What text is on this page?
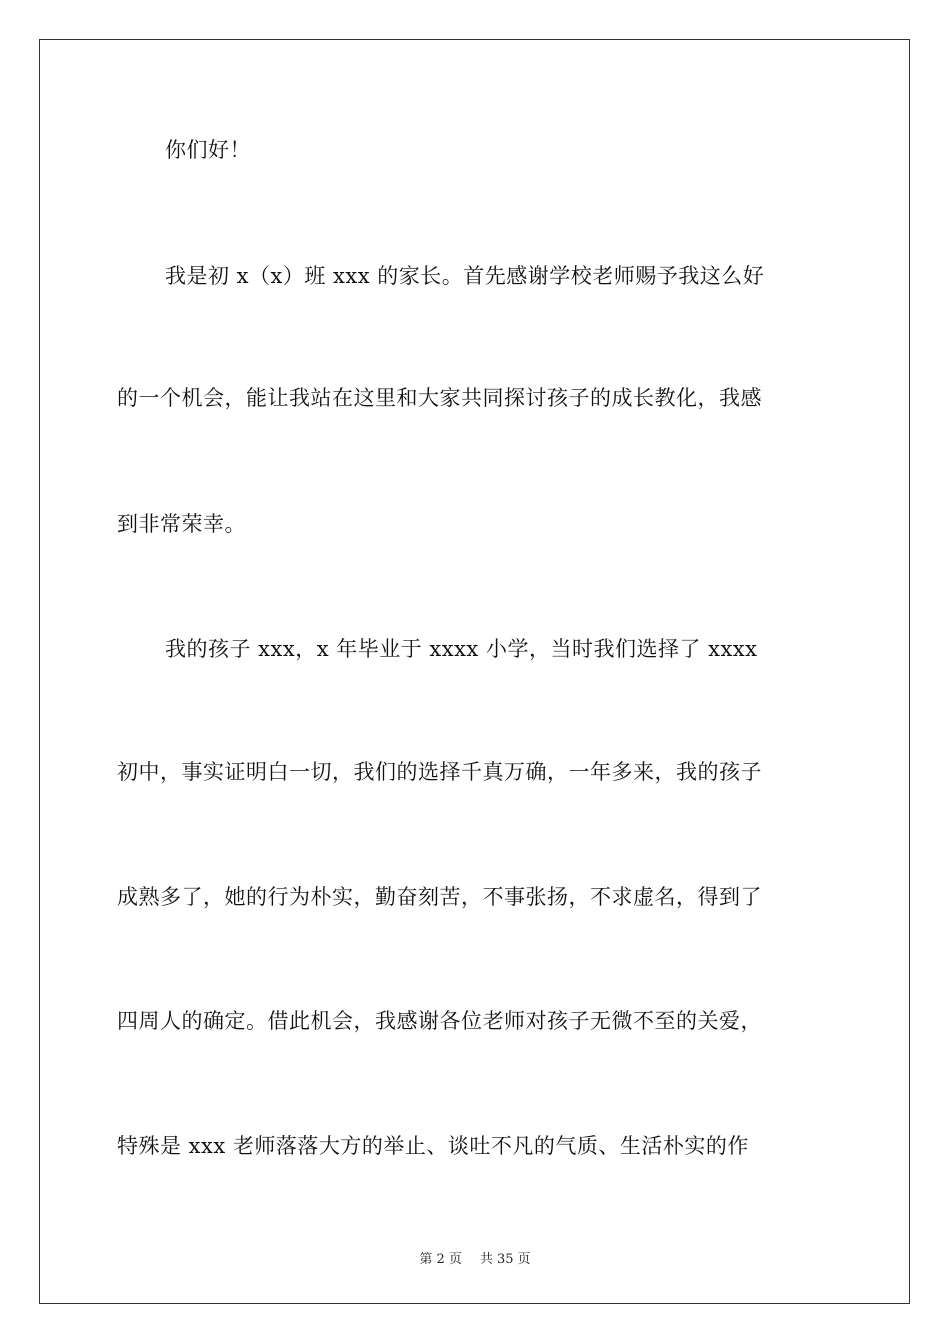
你们好！
我是初 x（x）班 xxx 的家长。首先感谢学校老师赐予我这么好
的一个机会，能让我站在这里和大家共同探讨孩子的成长教化，我感
到非常荣幸。
我的孩子 xxx，x 年毕业于 xxxx 小学，当时我们选择了 xxxx
初中，事实证明白一切，我们的选择千真万确，一年多来，我的孩子
成熟多了，她的行为朴实，勤奋刻苦，不事张扬，不求虚名，得到了
四周人的确定。借此机会，我感谢各位老师对孩子无微不至的关爱，
特殊是 xxx 老师落落大方的举止、谈吐不凡的气质、生活朴实的作
第 2 页 共 35 页
